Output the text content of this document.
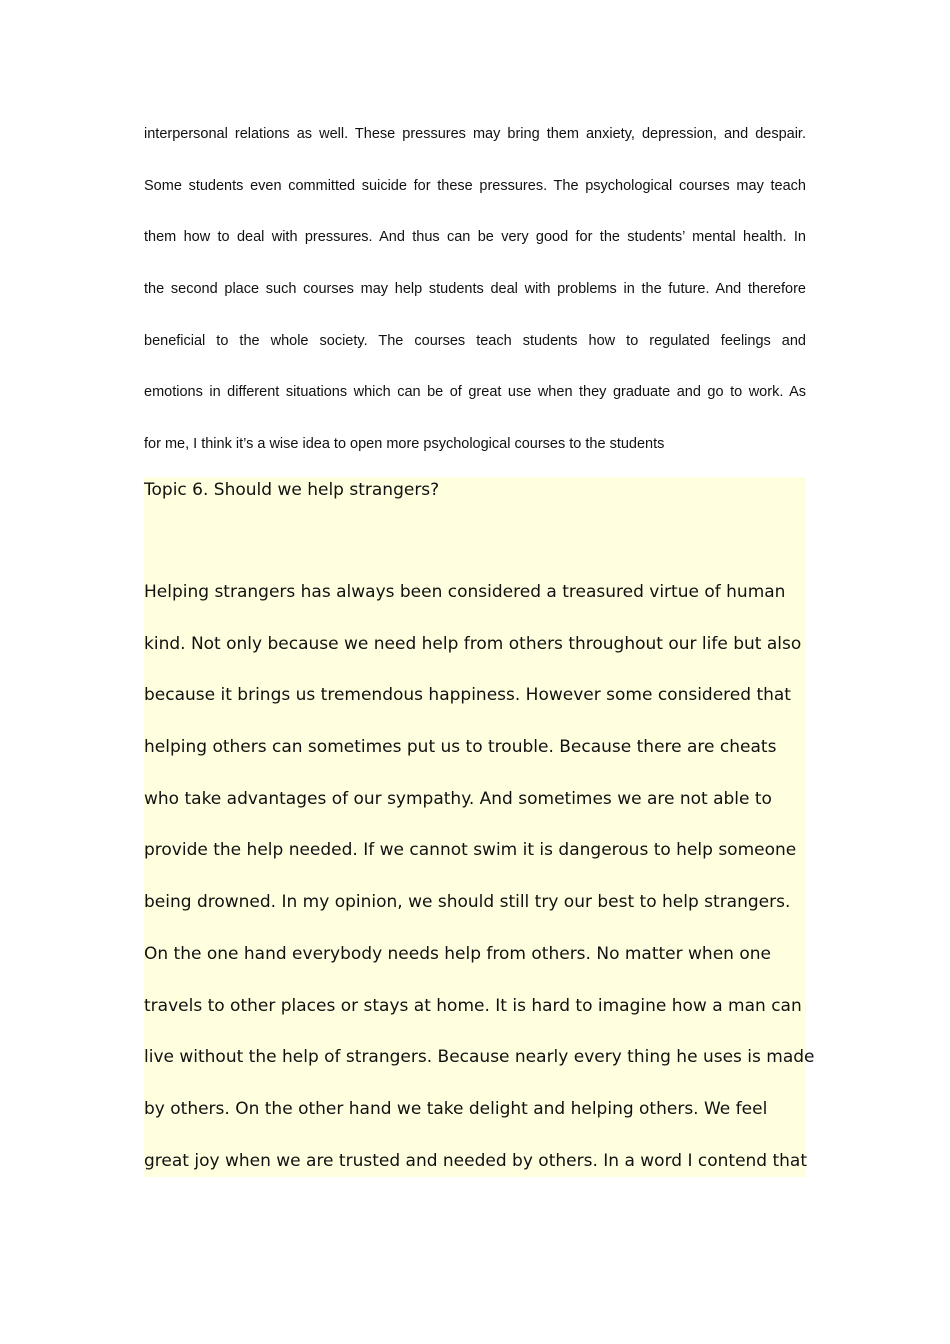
interpersonal relations as well. These pressures may bring them anxiety, depression, and despair.
Some students even committed suicide for these pressures. The psychological courses may teach
them how to deal with pressures. And thus can be very good for the students’ mental health. In
the second place such courses may help students deal with problems in the future. And therefore
beneficial to the whole society. The courses teach students how to regulated feelings and
emotions in different situations which can be of great use when they graduate and go to work. As
for me, I think it’s a wise idea to open more psychological courses to the students
Topic 6. Should we help strangers?
Helping strangers has always been considered a treasured virtue of human
kind. Not only because we need help from others throughout our life but also
because it brings us tremendous happiness. However some considered that
helping others can sometimes put us to trouble. Because there are cheats
who take advantages of our sympathy. And sometimes we are not able to
provide the help needed. If we cannot swim it is dangerous to help someone
being drowned. In my opinion, we should still try our best to help strangers.
On the one hand everybody needs help from others. No matter when one
travels to other places or stays at home. It is hard to imagine how a man can
live without the help of strangers. Because nearly every thing he uses is made
by others. On the other hand we take delight and helping others. We feel
great joy when we are trusted and needed by others. In a word I contend that
